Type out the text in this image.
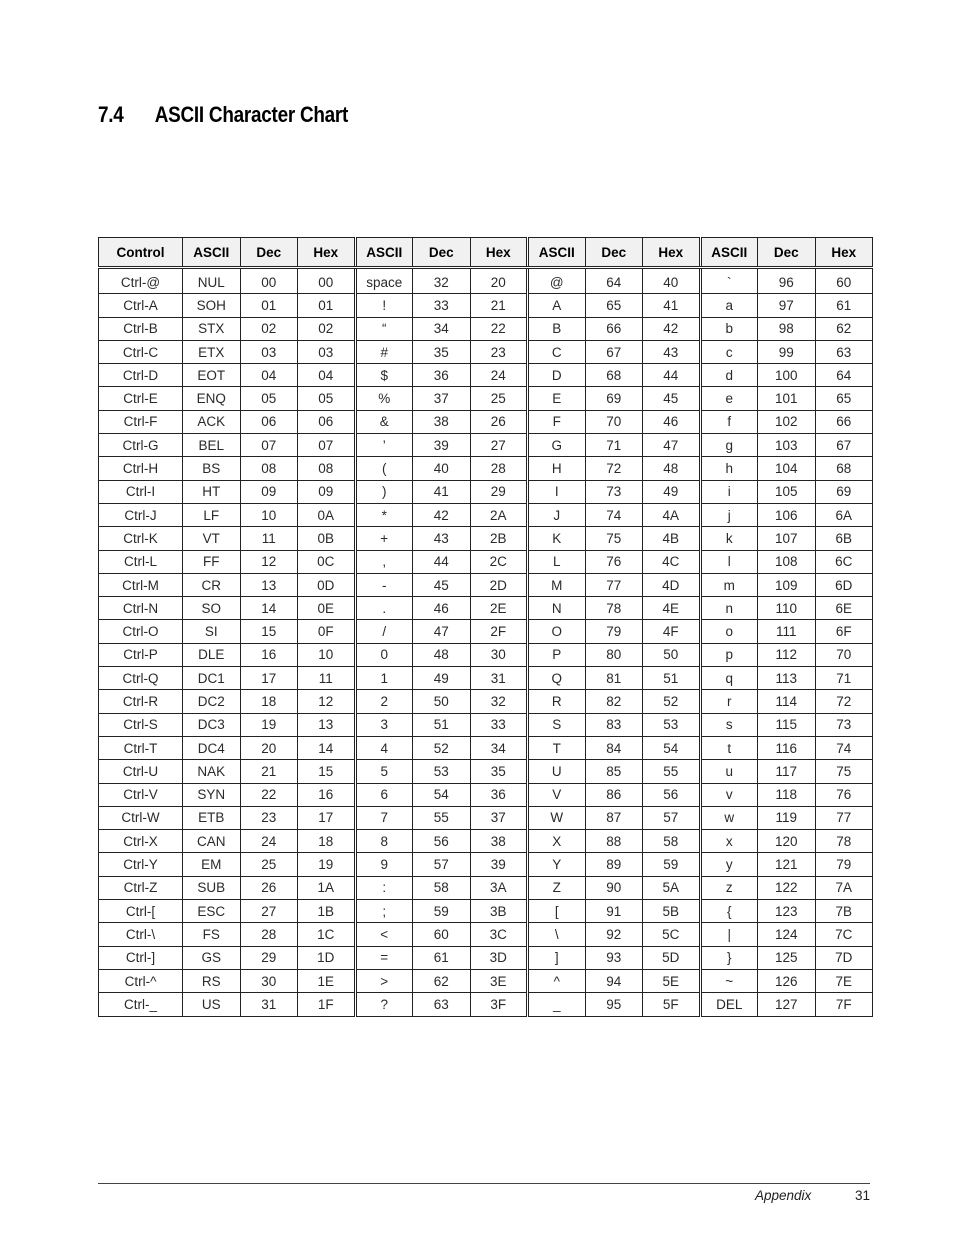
7.4 ASCII Character Chart
Control	ASCII	Dec	Hex	ASCII	Dec	Hex	ASCII	Dec	Hex	ASCII	Dec	Hex
Ctrl-@	NUL	00	00	space	32	20	@	64	40	`	96	60
Ctrl-A	SOH	01	01	!	33	21	A	65	41	a	97	61
Ctrl-B	STX	02	02	“	34	22	B	66	42	b	98	62
Ctrl-C	ETX	03	03	#	35	23	C	67	43	c	99	63
Ctrl-D	EOT	04	04	$	36	24	D	68	44	d	100	64
Ctrl-E	ENQ	05	05	%	37	25	E	69	45	e	101	65
Ctrl-F	ACK	06	06	&	38	26	F	70	46	f	102	66
Ctrl-G	BEL	07	07	’	39	27	G	71	47	g	103	67
Ctrl-H	BS	08	08	(	40	28	H	72	48	h	104	68
Ctrl-I	HT	09	09	)	41	29	I	73	49	i	105	69
Ctrl-J	LF	10	0A	*	42	2A	J	74	4A	j	106	6A
Ctrl-K	VT	11	0B	+	43	2B	K	75	4B	k	107	6B
Ctrl-L	FF	12	0C	,	44	2C	L	76	4C	l	108	6C
Ctrl-M	CR	13	0D	-	45	2D	M	77	4D	m	109	6D
Ctrl-N	SO	14	0E	.	46	2E	N	78	4E	n	110	6E
Ctrl-O	SI	15	0F	/	47	2F	O	79	4F	o	111	6F
Ctrl-P	DLE	16	10	0	48	30	P	80	50	p	112	70
Ctrl-Q	DC1	17	11	1	49	31	Q	81	51	q	113	71
Ctrl-R	DC2	18	12	2	50	32	R	82	52	r	114	72
Ctrl-S	DC3	19	13	3	51	33	S	83	53	s	115	73
Ctrl-T	DC4	20	14	4	52	34	T	84	54	t	116	74
Ctrl-U	NAK	21	15	5	53	35	U	85	55	u	117	75
Ctrl-V	SYN	22	16	6	54	36	V	86	56	v	118	76
Ctrl-W	ETB	23	17	7	55	37	W	87	57	w	119	77
Ctrl-X	CAN	24	18	8	56	38	X	88	58	x	120	78
Ctrl-Y	EM	25	19	9	57	39	Y	89	59	y	121	79
Ctrl-Z	SUB	26	1A	:	58	3A	Z	90	5A	z	122	7A
Ctrl-[	ESC	27	1B	;	59	3B	[	91	5B	{	123	7B
Ctrl-\	FS	28	1C	<	60	3C	\	92	5C	|	124	7C
Ctrl-]	GS	29	1D	=	61	3D	]	93	5D	}	125	7D
Ctrl-^	RS	30	1E	>	62	3E	^	94	5E	~	126	7E
Ctrl-_	US	31	1F	?	63	3F	_	95	5F	DEL	127	7F
Appendix	31
